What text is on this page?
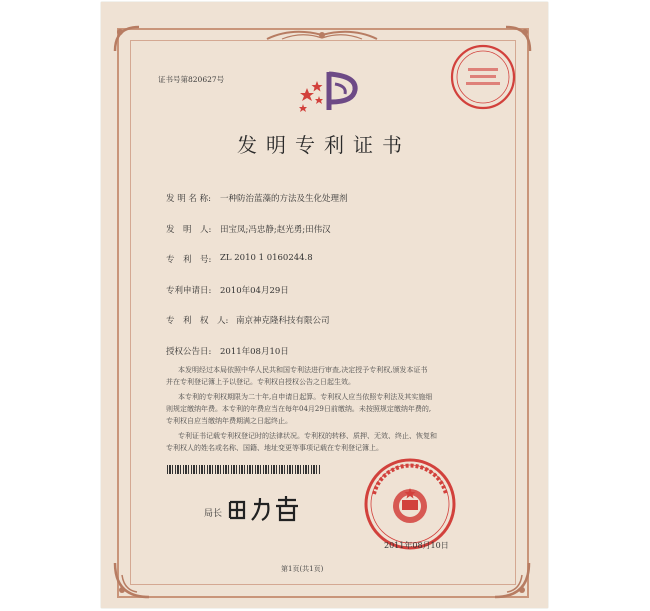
证书号第820627号
发明专利证书
发 明 名 称: 一种防治蓝藻的方法及生化处理剂
发　明　人: 田宝凤;冯忠静;赵光勇;田伟汉
专　利　号: ZL 2010 1 0160244.8
专利申请日: 2010年04月29日
专　利　权　人: 南京神克隆科技有限公司
授权公告日: 2011年08月10日
本发明经过本局依照中华人民共和国专利法进行审查,决定授予专利权,颁发本证书
并在专利登记簿上予以登记。专利权自授权公告之日起生效。
本专利的专利权期限为二十年,自申请日起算。专利权人应当依照专利法及其实施细
则规定缴纳年费。本专利的年费应当在每年04月29日前缴纳。未按照规定缴纳年费的,
专利权自应当缴纳年费期满之日起终止。
专利证书记载专利权登记时的法律状况。专利权的转移、质押、无效、终止、恢复和
专利权人的姓名或名称、国籍、地址变更等事项记载在专利登记簿上。
局长
2011年08月10日
第1页(共1页)
